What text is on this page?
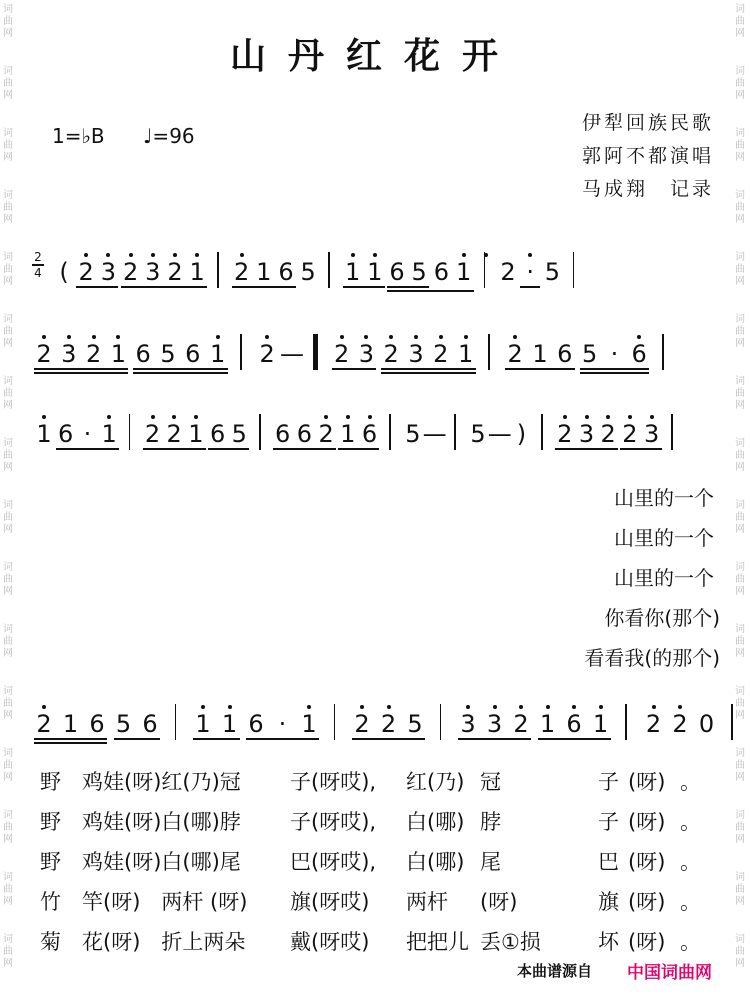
山丹红花开
1=♭B ♩=96
伊犁回族民歌
郭阿不都演唱
马成翔　记录
词曲网
词曲网
词曲网
词曲网
词曲网
词曲网
词曲网
词曲网
词曲网
词曲网
词曲网
词曲网
词曲网
词曲网
词曲网
词曲网
词曲网
词曲网
词曲网
词曲网
词曲网
词曲网
词曲网
词曲网
词曲网
词曲网
词曲网
词曲网
词曲网
词曲网
词曲网
词曲网
2
4 ( 2 3 2 3 2 1 2 1 6 5 1 1 6 5 6 1 2 · 5
2 3 2 1 6 5 6 1 2 — 2 3 2 3 2 1 2 1 6 5 · 6
1 6 · 1 2 2 1 6 5 6 6 2 1 6 5 — 5 — )	2 3 2 2 3
2 1 6 5 6 1 1 6 · 1 2 2 5 3 3 2 1 6 1 2 2 0
山里的一个
山里的一个
山里的一个
你看你(那个)
看看我(的那个)
野 鸡娃(呀)红(乃)冠 子(呀哎), 红(乃) 冠	子 (呀) 。
野 鸡娃(呀)白(哪)脖 子(呀哎), 白(哪) 脖	子 (呀) 。
野 鸡娃(呀)白(哪)尾 巴(呀哎), 白(哪) 尾	巴 (呀) 。
竹 竿(呀)　两杆 (呀) 旗(呀哎) 两杆 (呀)	旗 (呀) 。
菊 花(呀)　折上两朵 戴(呀哎) 把把儿 丢①损	坏 (呀) 。
本曲谱源自 中国词曲网
